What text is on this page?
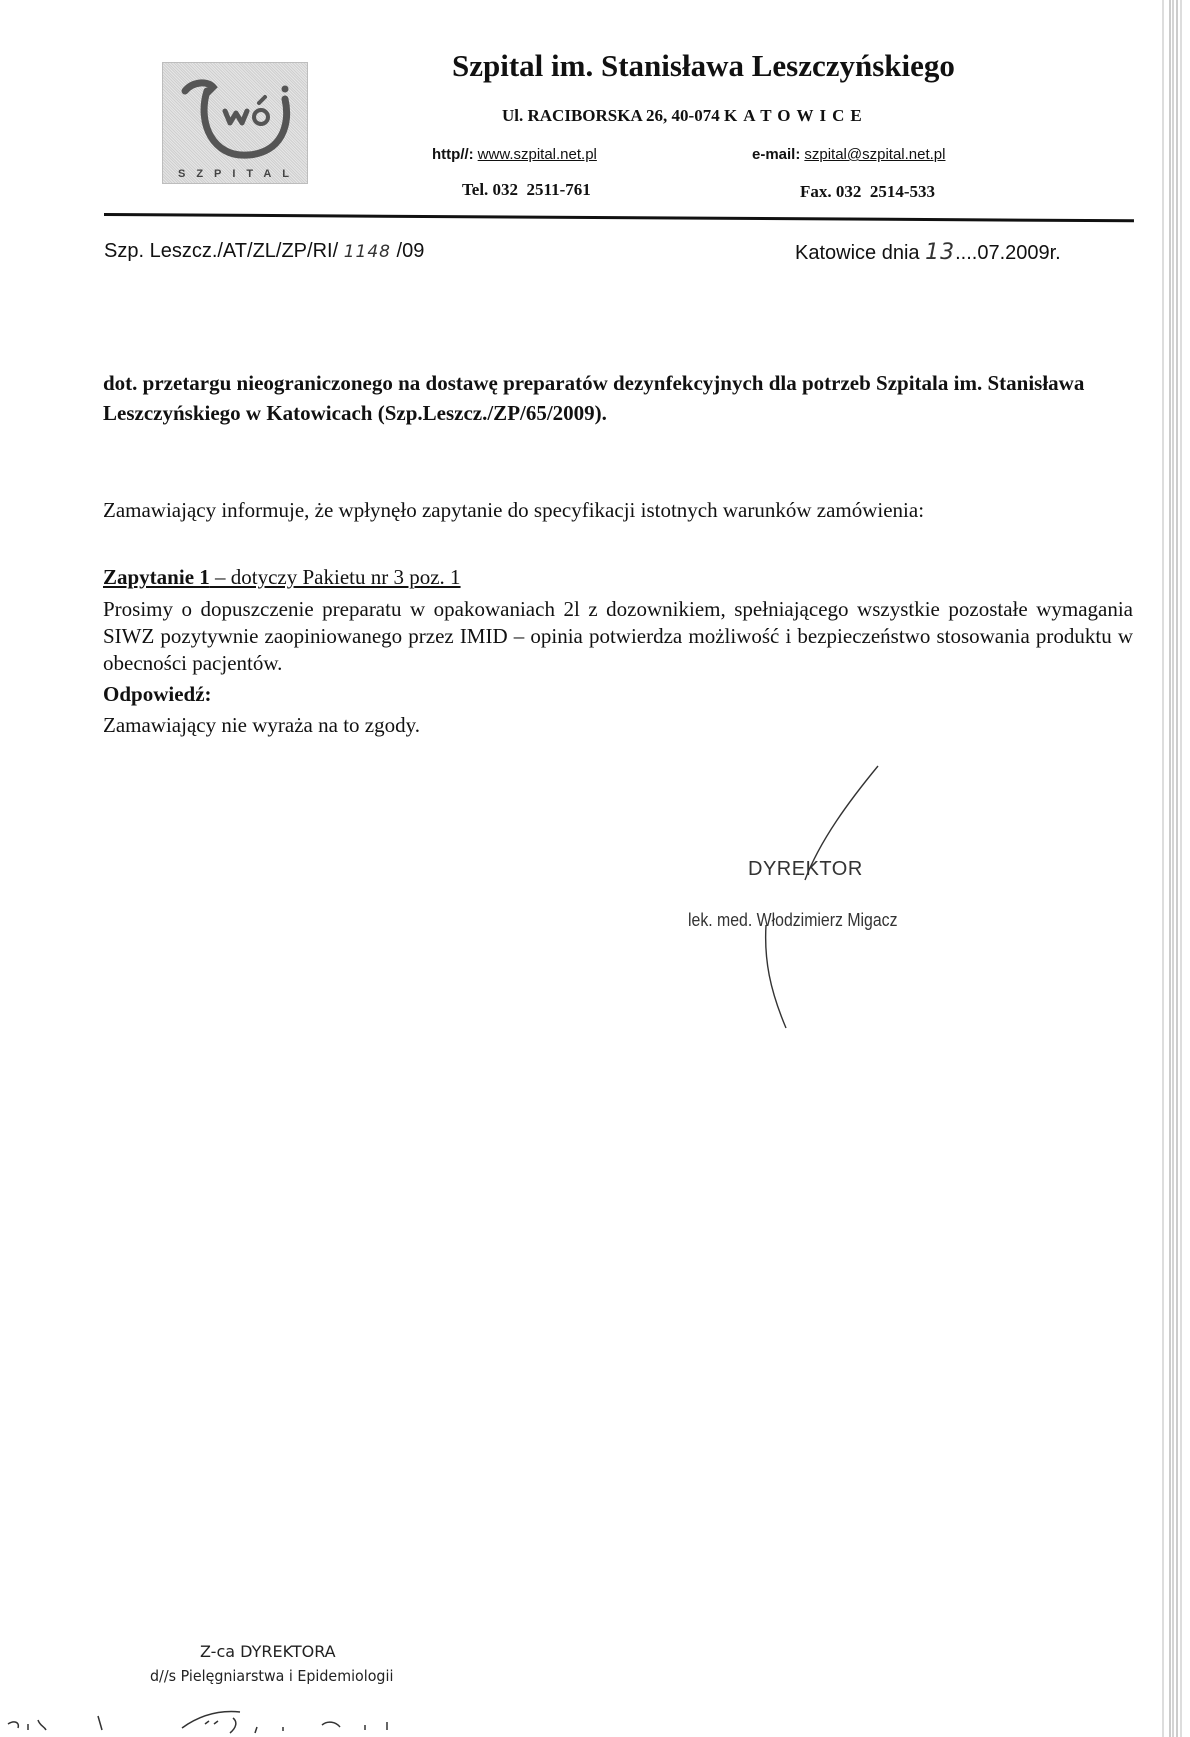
SZPITAL
Szpital im. Stanisława Leszczyńskiego
Ul. RACIBORSKA 26, 40-074 KATOWICE
http//: www.szpital.net.pl	e-mail: szpital@szpital.net.pl
Tel. 032  2511-761	Fax. 032  2514-533
Szp. Leszcz./AT/ZL/ZP/RI/ 1148 /09	Katowice dnia 13....07.2009r.
dot. przetargu nieograniczonego na dostawę preparatów dezynfekcyjnych dla potrzeb Szpitala im. Stanisława Leszczyńskiego w Katowicach (Szp.Leszcz./ZP/65/2009).
Zamawiający informuje, że wpłynęło zapytanie do specyfikacji istotnych warunków zamówienia:
Zapytanie 1 – dotyczy Pakietu nr 3 poz. 1
Prosimy o dopuszczenie preparatu w opakowaniach 2l z dozownikiem, spełniającego wszystkie pozostałe wymagania SIWZ pozytywnie zaopiniowanego przez IMID – opinia potwierdza możliwość i bezpieczeństwo stosowania produktu w obecności pacjentów.
Odpowiedź:
Zamawiający nie wyraża na to zgody.
DYREKTOR
lek. med. Włodzimierz Migacz
Z-ca DYREKTORA
d//s Pielęgniarstwa i Epidemiologii
